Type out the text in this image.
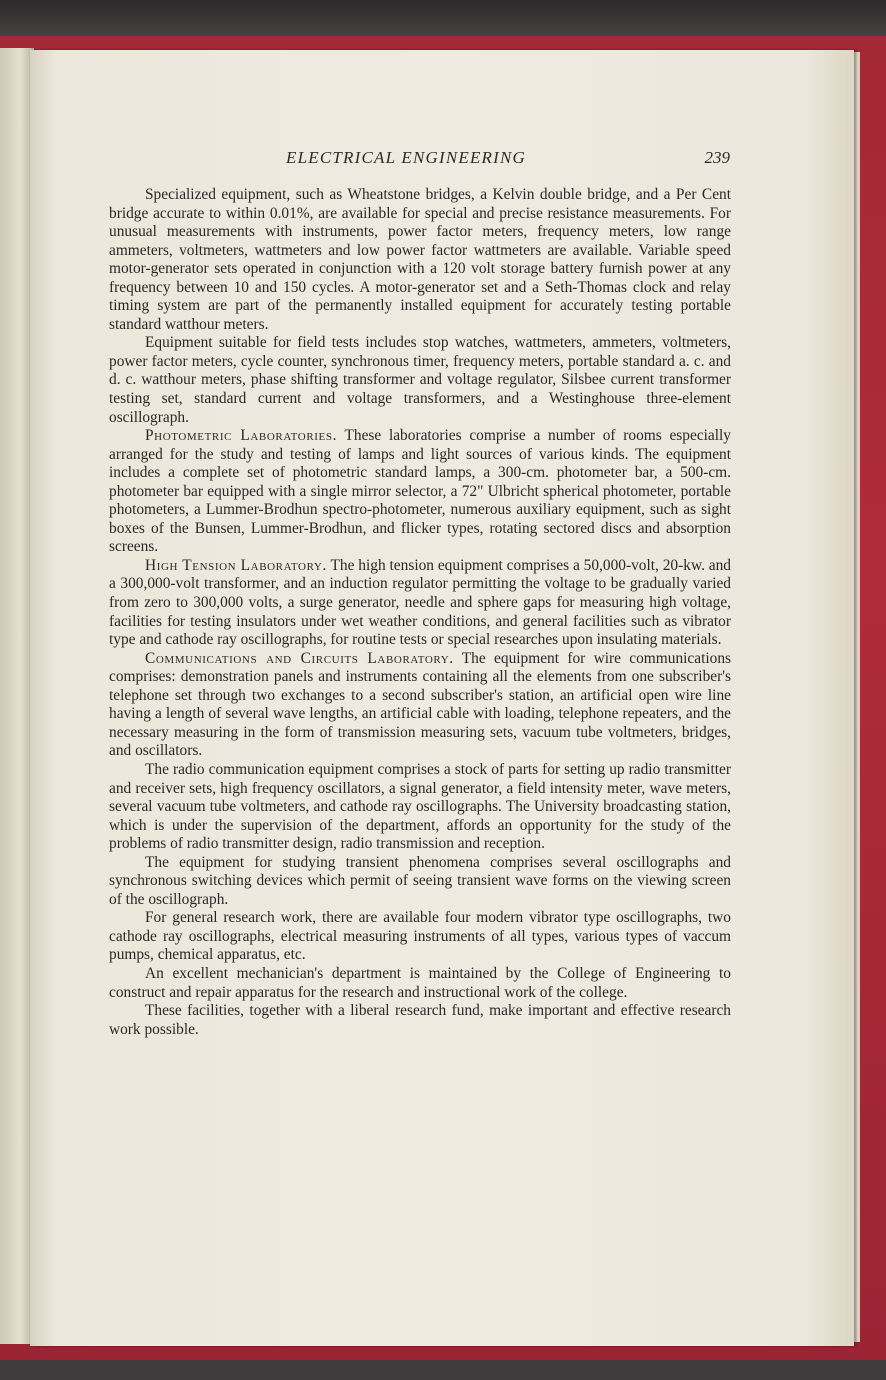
ELECTRICAL ENGINEERING	239

Specialized equipment, such as Wheatstone bridges, a Kelvin double bridge, and a Per Cent bridge accurate to within 0.01%, are available for special and precise resistance measurements. For unusual measurements with instruments, power factor meters, frequency meters, low range ammeters, voltmeters, wattmeters and low power factor wattmeters are available. Variable speed motor-generator sets operated in conjunction with a 120 volt storage battery furnish power at any frequency between 10 and 150 cycles. A motor-generator set and a Seth-Thomas clock and relay timing system are part of the permanently installed equipment for accurately testing portable standard watthour meters.

Equipment suitable for field tests includes stop watches, wattmeters, ammeters, voltmeters, power factor meters, cycle counter, synchronous timer, frequency meters, portable standard a. c. and d. c. watthour meters, phase shifting transformer and voltage regulator, Silsbee current transformer testing set, standard current and voltage transformers, and a Westinghouse three-element oscillograph.

Photometric Laboratories. These laboratories comprise a number of rooms especially arranged for the study and testing of lamps and light sources of various kinds. The equipment includes a complete set of photometric standard lamps, a 300-cm. photometer bar, a 500-cm. photometer bar equipped with a single mirror selector, a 72" Ulbricht spherical photometer, portable photometers, a Lummer-Brodhun spectro-photometer, numerous auxiliary equipment, such as sight boxes of the Bunsen, Lummer-Brodhun, and flicker types, rotating sectored discs and absorption screens.

High Tension Laboratory. The high tension equipment comprises a 50,000-volt, 20-kw. and a 300,000-volt transformer, and an induction regulator permitting the voltage to be gradually varied from zero to 300,000 volts, a surge generator, needle and sphere gaps for measuring high voltage, facilities for testing insulators under wet weather conditions, and general facilities such as vibrator type and cathode ray oscillographs, for routine tests or special researches upon insulating materials.

Communications and Circuits Laboratory. The equipment for wire communications comprises: demonstration panels and instruments containing all the elements from one subscriber's telephone set through two exchanges to a second subscriber's station, an artificial open wire line having a length of several wave lengths, an artificial cable with loading, telephone repeaters, and the necessary measuring in the form of transmission measuring sets, vacuum tube voltmeters, bridges, and oscillators.

The radio communication equipment comprises a stock of parts for setting up radio transmitter and receiver sets, high frequency oscillators, a signal generator, a field intensity meter, wave meters, several vacuum tube voltmeters, and cathode ray oscillographs. The University broadcasting station, which is under the supervision of the department, affords an opportunity for the study of the problems of radio transmitter design, radio transmission and reception.

The equipment for studying transient phenomena comprises several oscillographs and synchronous switching devices which permit of seeing transient wave forms on the viewing screen of the oscillograph.

For general research work, there are available four modern vibrator type oscillographs, two cathode ray oscillographs, electrical measuring instruments of all types, various types of vaccum pumps, chemical apparatus, etc.

An excellent mechanician's department is maintained by the College of Engineering to construct and repair apparatus for the research and instructional work of the college.

These facilities, together with a liberal research fund, make important and effective research work possible.
